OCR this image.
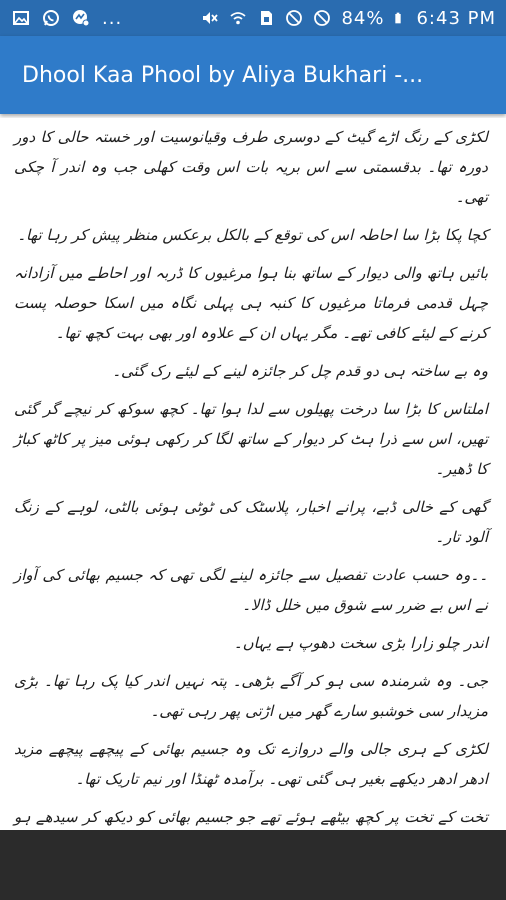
...	84% 6:43 PM
Dhool Kaa Phool by Aliya Bukhari -...

لکڑی کے رنگ اڑے گیٹ کے دوسری طرف وقیانوسیت اور خستہ حالی کا دور دورہ تھا۔ بدقسمتی سے اس بریہ بات اس وقت کھلی جب وہ اندر آ چکی تھی۔

کچا پکا بڑا سا احاطہ اس کی توقع کے بالکل برعکس منظر پیش کر رہا تھا۔

بائیں ہاتھ والی دیوار کے ساتھ بنا ہوا مرغیوں کا ڈربہ اور احاطے میں آزادانہ چہل قدمی فرماتا مرغیوں کا کنبہ ہی پہلی نگاہ میں اسکا حوصلہ پست کرنے کے لیئے کافی تھے۔ مگر یہاں ان کے علاوہ اور بھی بہت کچھ تھا۔

وہ بے ساختہ ہی دو قدم چل کر جائزہ لینے کے لیئے رک گئی۔

املتاس کا بڑا سا درخت پھیلوں سے لدا ہوا تھا۔ کچھ سوکھ کر نیچے گر گئی تھیں، اس سے ذرا ہٹ کر دیوار کے ساتھ لگا کر رکھی ہوئی میز پر کاٹھ کباڑ کا ڈھیر۔

گھی کے خالی ڈبے، پرانے اخبار، پلاسٹک کی ٹوٹی ہوئی بالٹی، لوہے کے زنگ آلود تار۔

۔۔وہ حسب عادت تفصیل سے جائزہ لینے لگی تھی کہ جسیم بھائی کی آواز نے اس بے ضرر سے شوق میں خلل ڈالا۔

اندر چلو زارا بڑی سخت دھوپ ہے یہاں۔

جی۔ وہ شرمندہ سی ہو کر آگے بڑھی۔ پتہ نہیں اندر کیا پک رہا تھا۔ بڑی مزیدار سی خوشبو سارے گھر میں اڑتی پھر رہی تھی۔

لکڑی کے ہری جالی والے دروازے تک وہ جسیم بھائی کے پیچھے پیچھے مزید ادھر ادھر دیکھے بغیر ہی گئی تھی۔ برآمدہ ٹھنڈا اور نیم تاریک تھا۔

تخت کے تخت پر کچھ بیٹھے ہوئے تھے جو جسیم بھائی کو دیکھ کر سیدھے ہو
